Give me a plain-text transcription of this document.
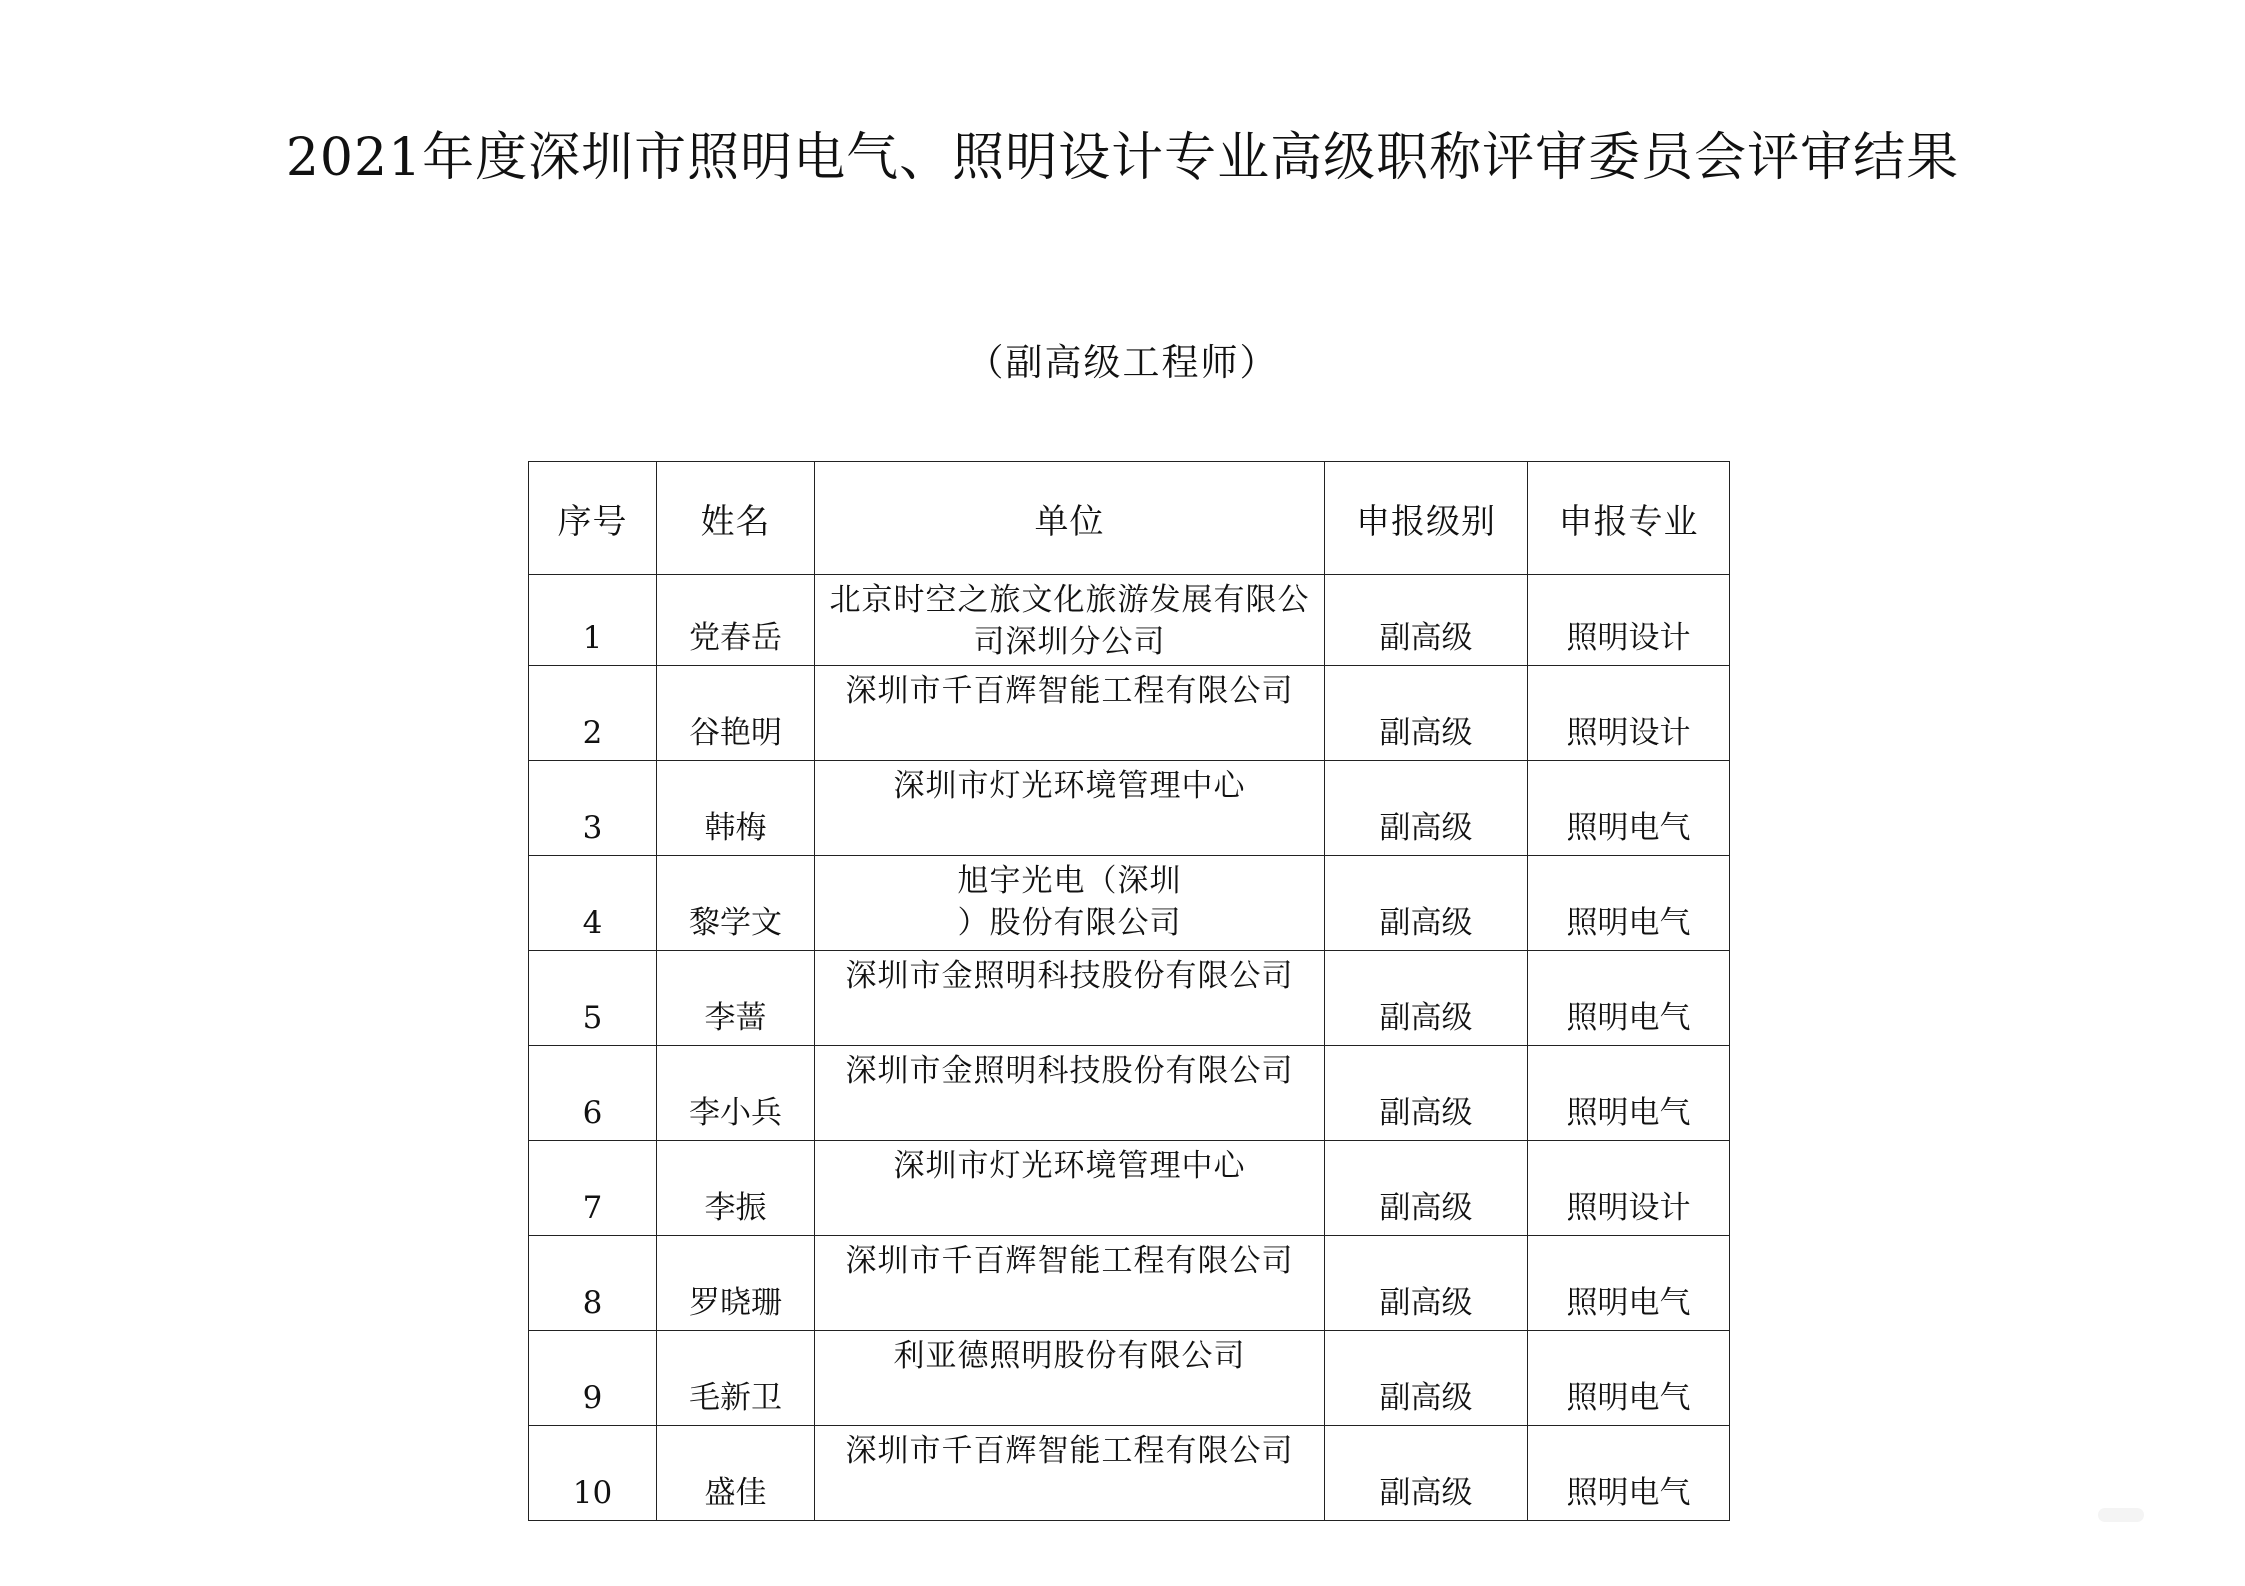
2021年度深圳市照明电气、照明设计专业高级职称评审委员会评审结果
（副高级工程师）
序号	姓名	单位	申报级别	申报专业
1	党春岳	北京时空之旅文化旅游发展有限公
司深圳分公司	副高级	照明设计
2	谷艳明	深圳市千百辉智能工程有限公司	副高级	照明设计
3	韩梅	深圳市灯光环境管理中心	副高级	照明电气
4	黎学文	旭宇光电（深圳
）股份有限公司	副高级	照明电气
5	李蔷	深圳市金照明科技股份有限公司	副高级	照明电气
6	李小兵	深圳市金照明科技股份有限公司	副高级	照明电气
7	李振	深圳市灯光环境管理中心	副高级	照明设计
8	罗晓珊	深圳市千百辉智能工程有限公司	副高级	照明电气
9	毛新卫	利亚德照明股份有限公司	副高级	照明电气
10	盛佳	深圳市千百辉智能工程有限公司	副高级	照明电气
